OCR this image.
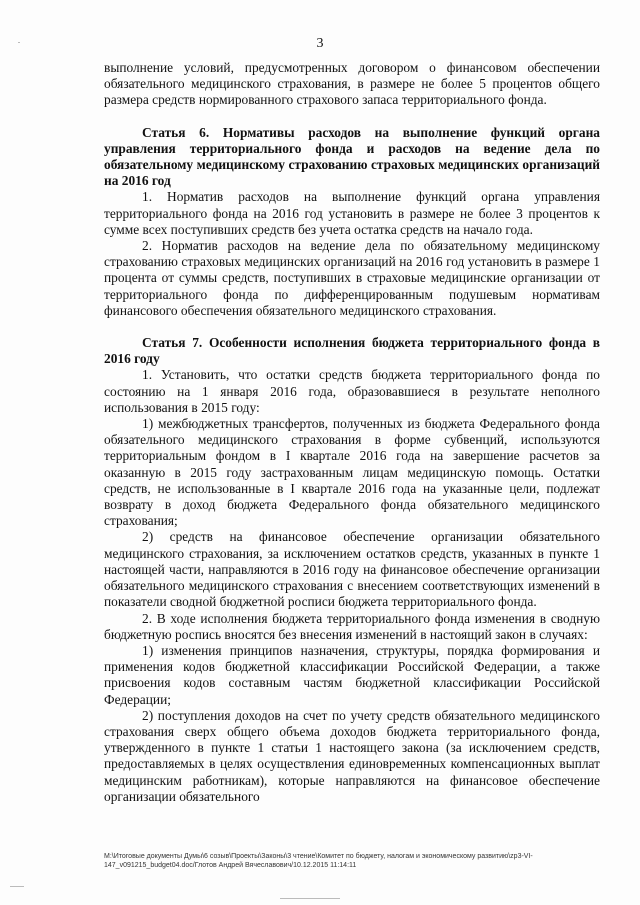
3

выполнение условий, предусмотренных договором о финансовом обеспечении обязательного медицинского страхования, в размере не более 5 процентов общего размера средств нормированного страхового запаса территориального фонда.

Статья 6. Нормативы расходов на выполнение функций органа управления территориального фонда и расходов на ведение дела по обязательному медицинскому страхованию страховых медицинских организаций на 2016 год

1. Норматив расходов на выполнение функций органа управления территориального фонда на 2016 год установить в размере не более 3 процентов к сумме всех поступивших средств без учета остатка средств на начало года.

2. Норматив расходов на ведение дела по обязательному медицинскому страхованию страховых медицинских организаций на 2016 год установить в размере 1 процента от суммы средств, поступивших в страховые медицинские организации от территориального фонда по дифференцированным подушевым нормативам финансового обеспечения обязательного медицинского страхования.

Статья 7. Особенности исполнения бюджета территориального фонда в 2016 году

1. Установить, что остатки средств бюджета территориального фонда по состоянию на 1 января 2016 года, образовавшиеся в результате неполного использования в 2015 году:

1) межбюджетных трансфертов, полученных из бюджета Федерального фонда обязательного медицинского страхования в форме субвенций, используются территориальным фондом в I квартале 2016 года на завершение расчетов за оказанную в 2015 году застрахованным лицам медицинскую помощь. Остатки средств, не использованные в I квартале 2016 года на указанные цели, подлежат возврату в доход бюджета Федерального фонда обязательного медицинского страхования;

2) средств на финансовое обеспечение организации обязательного медицинского страхования, за исключением остатков средств, указанных в пункте 1 настоящей части, направляются в 2016 году на финансовое обеспечение организации обязательного медицинского страхования с внесением соответствующих изменений в показатели сводной бюджетной росписи бюджета территориального фонда.

2. В ходе исполнения бюджета территориального фонда изменения в сводную бюджетную роспись вносятся без внесения изменений в настоящий закон в случаях:

1) изменения принципов назначения, структуры, порядка формирования и применения кодов бюджетной классификации Российской Федерации, а также присвоения кодов составным частям бюджетной классификации Российской Федерации;

2) поступления доходов на счет по учету средств обязательного медицинского страхования сверх общего объема доходов бюджета территориального фонда, утвержденного в пункте 1 статьи 1 настоящего закона (за исключением средств, предоставляемых в целях осуществления единовременных компенсационных выплат медицинским работникам), которые направляются на финансовое обеспечение организации обязательного

М:\Итоговые документы Думы\6 созыв\Проекты\Законы\3 чтение\Комитет по бюджету, налогам и экономическому развитию\zp3-VI-
147_v091215_budget04.doc/Глотов Андрей Вячеславович/10.12.2015 11:14:11
